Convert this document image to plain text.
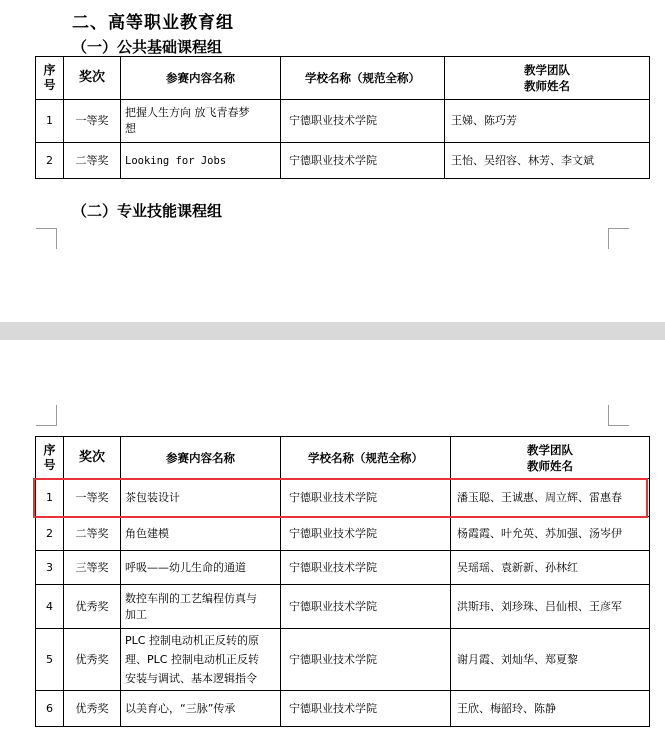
二、高等职业教育组
（一）公共基础课程组
序
号	奖次	参赛内容名称	学校名称（规范全称）	教学团队
教师姓名
1	一等奖	把握人生方向 放飞青春梦
想	宁德职业技术学院	王娣、陈巧芳
2	二等奖	Looking for Jobs	宁德职业技术学院	王怡、吴绍容、林芳、李文斌
（二）专业技能课程组
序
号	奖次	参赛内容名称	学校名称（规范全称）	教学团队
教师姓名
1	一等奖	茶包装设计	宁德职业技术学院	潘玉聪、王诚惠、周立辉、雷惠春
2	二等奖	角色建模	宁德职业技术学院	杨霞霞、叶允英、苏加强、汤岑伊
3	三等奖	呼吸——幼儿生命的通道	宁德职业技术学院	吴瑶瑶、袁新新、孙林红
4	优秀奖	数控车削的工艺编程仿真与
加工	宁德职业技术学院	洪斯玮、刘珍珠、吕仙根、王彦军
5	优秀奖	PLC 控制电动机正反转的原
理、PLC 控制电动机正反转
安装与调试、基本逻辑指令	宁德职业技术学院	谢月霞、刘灿华、郑夏黎
6	优秀奖	以美育心，“三脉”传承	宁德职业技术学院	王欣、梅韶玲、陈静
